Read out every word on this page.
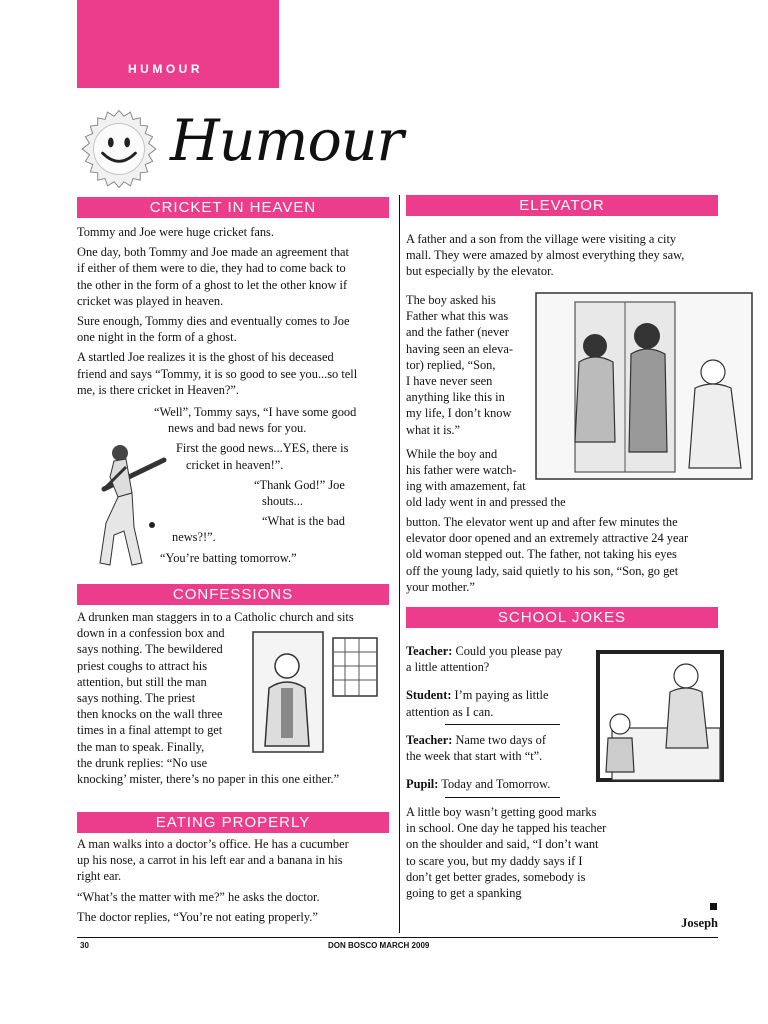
HUMOUR
Humour
CRICKET IN HEAVEN
Tommy and Joe were huge cricket fans.
One day, both Tommy and Joe made an agreement that
if either of them were to die, they had to come back to
the other in the form of a ghost to let the other know if
cricket was played in heaven.
Sure enough, Tommy dies and eventually comes to Joe
one night in the form of a ghost.
A startled Joe realizes it is the ghost of his deceased
friend and says “Tommy, it is so good to see you...so tell
me, is there cricket in Heaven?”.
“Well”, Tommy says, “I have some good
news and bad news for you.
First the good news...YES, there is
cricket in heaven!”.
“Thank God!” Joe
shouts...
“What is the bad
news?!”.
“You’re batting tomorrow.”
CONFESSIONS
A drunken man staggers in to a Catholic church and sits
down in a confession box and
says nothing. The bewildered
priest coughs to attract his
attention, but still the man
says nothing. The priest
then knocks on the wall three
times in a final attempt to get
the man to speak. Finally,
the drunk replies: “No use
knocking’ mister, there’s no paper in this one either.”
EATING PROPERLY
A man walks into a doctor’s office. He has a cucumber
up his nose, a carrot in his left ear and a banana in his
right ear.
“What’s the matter with me?” he asks the doctor.
The doctor replies, “You’re not eating properly.”
ELEVATOR
A father and a son from the village were visiting a city
mall. They were amazed by almost everything they saw,
but especially by the elevator.
The boy asked his
Father what this was
and the father (never
having seen an eleva-
tor) replied, “Son,
I have never seen
anything like this in
my life, I don’t know
what it is.”
While the boy and
his father were watch-
ing with amazement, fat
old lady went in and pressed the
button. The elevator went up and after few minutes the
elevator door opened and an extremely attractive 24 year
old woman stepped out. The father, not taking his eyes
off the young lady, said quietly to his son, “Son, go get
your mother.”
SCHOOL JOKES
Teacher: Could you please pay
a little attention?
Student: I’m paying as little
attention as I can.
Teacher: Name two days of
the week that start with “t”.
Pupil: Today and Tomorrow.
A little boy wasn’t getting good marks
in school. One day he tapped his teacher
on the shoulder and said, “I don’t want
to scare you, but my daddy says if I
don’t get better grades, somebody is
going to get a spanking
Joseph
30	DON BOSCO MARCH 2009
